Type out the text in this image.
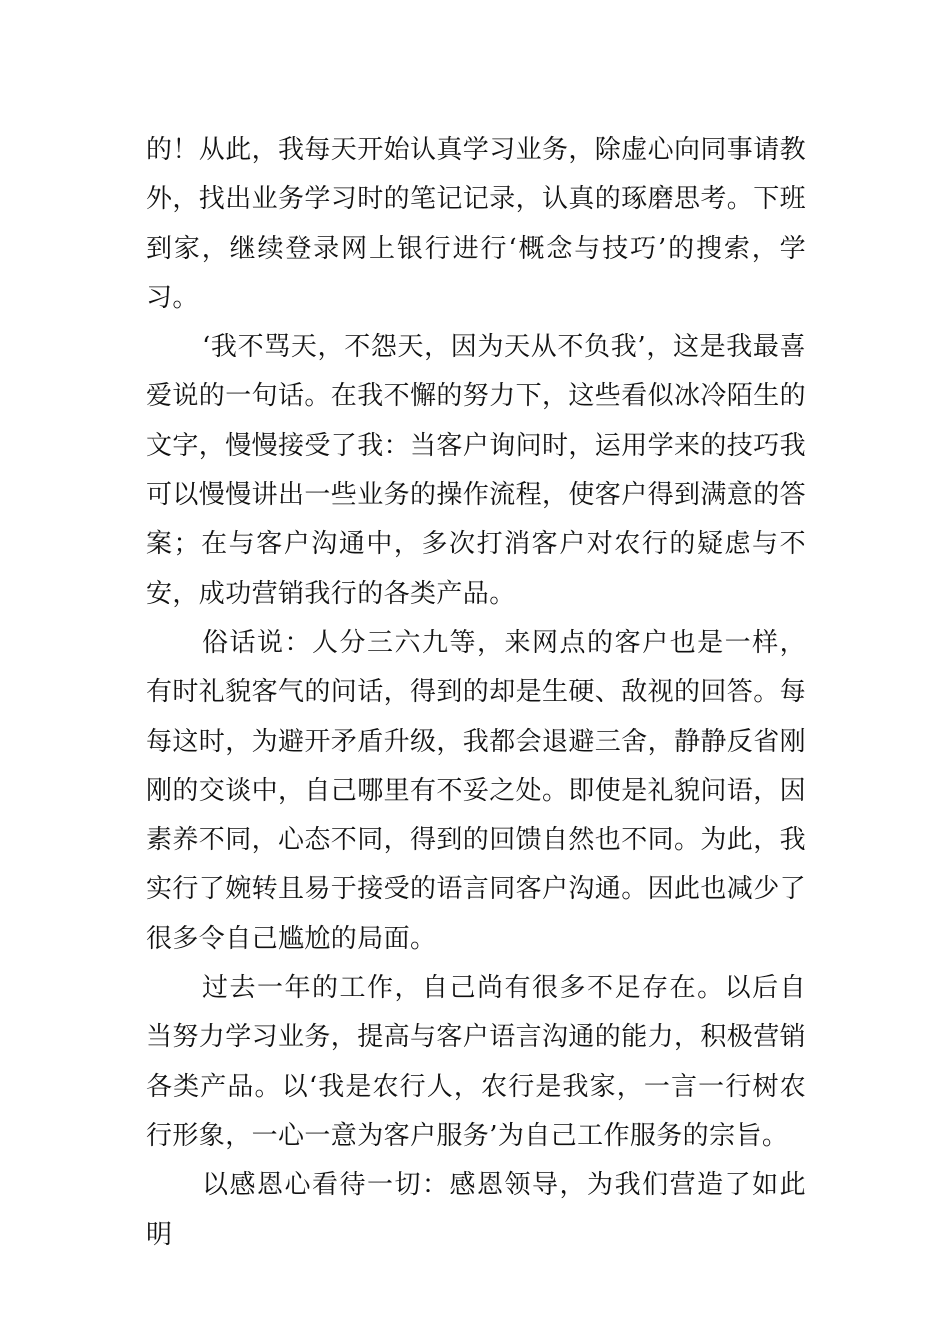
的！从此，我每天开始认真学习业务，除虚心向同事请教外，找出业务学习时的笔记记录，认真的琢磨思考。下班到家，继续登录网上银行进行‘概念与技巧’的搜索，学习。

‘我不骂天，不怨天，因为天从不负我’，这是我最喜爱说的一句话。在我不懈的努力下，这些看似冰冷陌生的文字，慢慢接受了我：当客户询问时，运用学来的技巧我可以慢慢讲出一些业务的操作流程，使客户得到满意的答案；在与客户沟通中，多次打消客户对农行的疑虑与不安，成功营销我行的各类产品。

俗话说：人分三六九等，来网点的客户也是一样，有时礼貌客气的问话，得到的却是生硬、敌视的回答。每每这时，为避开矛盾升级，我都会退避三舍，静静反省刚刚的交谈中，自己哪里有不妥之处。即使是礼貌问语，因素养不同，心态不同，得到的回馈自然也不同。为此，我实行了婉转且易于接受的语言同客户沟通。因此也减少了很多令自己尴尬的局面。

过去一年的工作，自己尚有很多不足存在。以后自当努力学习业务，提高与客户语言沟通的能力，积极营销各类产品。以‘我是农行人，农行是我家，一言一行树农行形象，一心一意为客户服务’为自己工作服务的宗旨。

以感恩心看待一切：感恩领导，为我们营造了如此明
